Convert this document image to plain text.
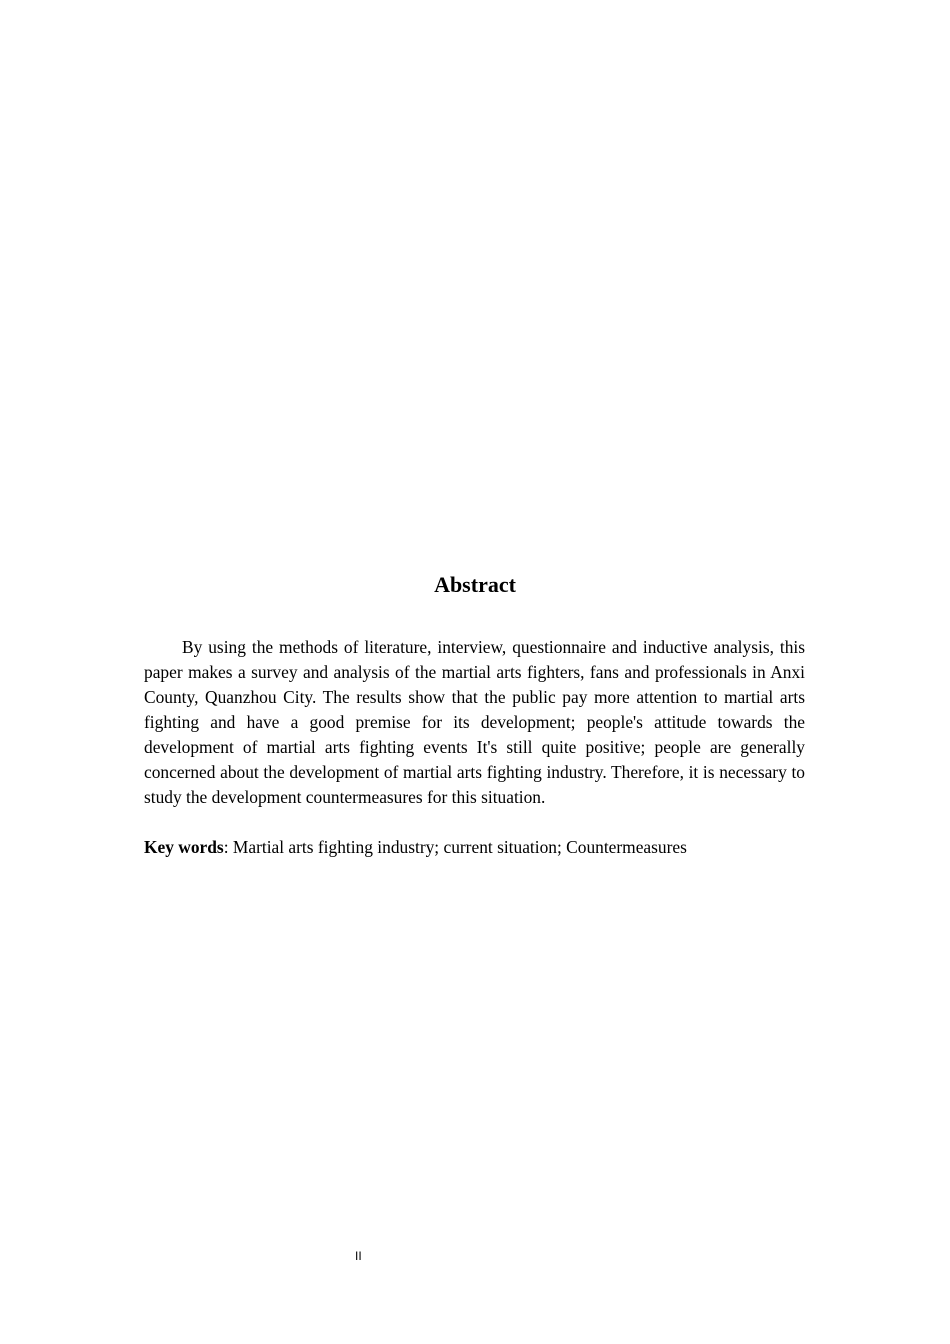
Abstract

By using the methods of literature, interview, questionnaire and inductive analysis, this paper makes a survey and analysis of the martial arts fighters, fans and professionals in Anxi County, Quanzhou City. The results show that the public pay more attention to martial arts fighting and have a good premise for its development; people's attitude towards the development of martial arts fighting events It's still quite positive; people are generally concerned about the development of martial arts fighting industry. Therefore, it is necessary to study the development countermeasures for this situation.

Key words: Martial arts fighting industry; current situation; Countermeasures

II
